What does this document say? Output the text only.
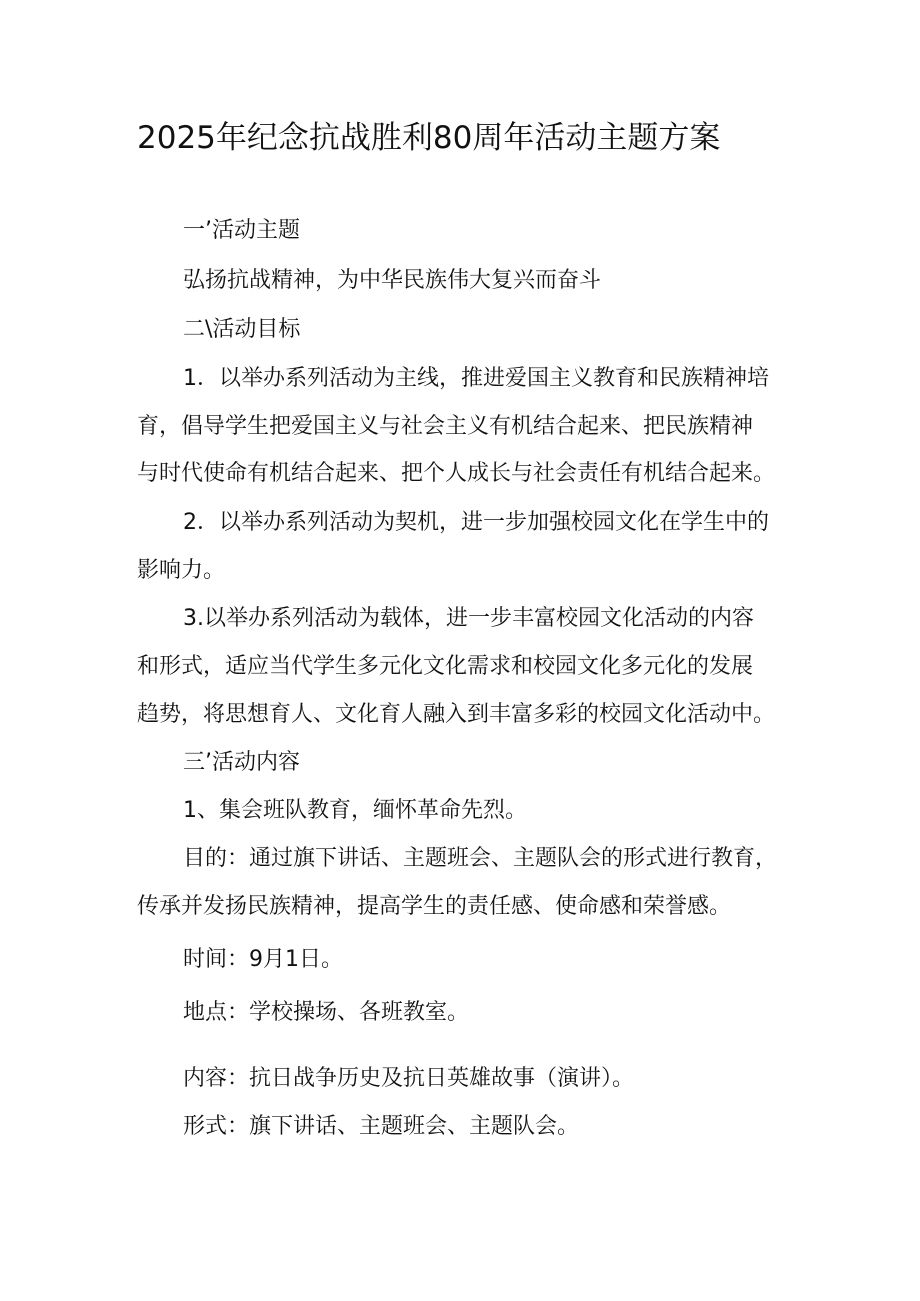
2025年纪念抗战胜利80周年活动主题方案
一’活动主题
弘扬抗战精神，为中华民族伟大复兴而奋斗
二\活动目标
1．以举办系列活动为主线，推进爱国主义教育和民族精神培
育，倡导学生把爱国主义与社会主义有机结合起来、把民族精神
与时代使命有机结合起来、把个人成长与社会责任有机结合起来。
2．以举办系列活动为契机，进一步加强校园文化在学生中的
影响力。
3.以举办系列活动为载体，进一步丰富校园文化活动的内容
和形式，适应当代学生多元化文化需求和校园文化多元化的发展
趋势，将思想育人、文化育人融入到丰富多彩的校园文化活动中。
三’活动内容
1、集会班队教育，缅怀革命先烈。
目的：通过旗下讲话、主题班会、主题队会的形式进行教育，
传承并发扬民族精神，提高学生的责任感、使命感和荣誉感。
时间：9月1日。
地点：学校操场、各班教室。
内容：抗日战争历史及抗日英雄故事（演讲）。
形式：旗下讲话、主题班会、主题队会。
